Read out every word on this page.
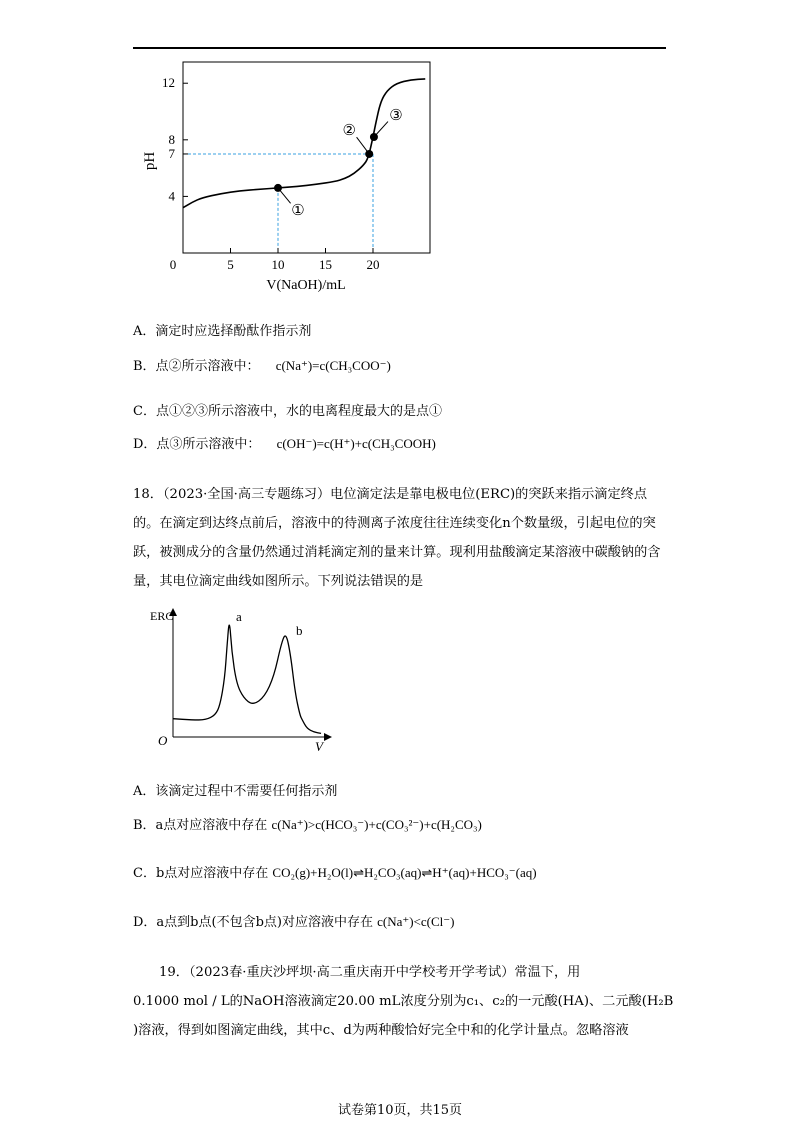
0	5	10	15	20
4
7
8
12
①
②
③
pH
V(NaOH)/mL
A．滴定时应选择酚酞作指示剂
B．点②所示溶液中： c(Na⁺)=c(CH₃COO⁻)
C．点①②③所示溶液中，水的电离程度最大的是点①
D．点③所示溶液中： c(OH⁻)=c(H⁺)+c(CH₃COOH)
18．（2023·全国·高三专题练习）电位滴定法是靠电极电位(ERC)的突跃来指示滴定终点的。在滴定到达终点前后，溶液中的待测离子浓度往往连续变化n个数量级，引起电位的突跃，被测成分的含量仍然通过消耗滴定剂的量来计算。现利用盐酸滴定某溶液中碳酸钠的含量，其电位滴定曲线如图所示。下列说法错误的是
ERC
V
O
a
b
A．该滴定过程中不需要任何指示剂
B．a点对应溶液中存在 c(Na⁺)>c(HCO₃⁻)+c(CO₃²⁻)+c(H₂CO₃)
C．b点对应溶液中存在 CO₂(g)+H₂O(l)⇌H₂CO₃(aq)⇌H⁺(aq)+HCO₃⁻(aq)
D．a点到b点(不包含b点)对应溶液中存在 c(Na⁺)<c(Cl⁻)
19．（2023春·重庆沙坪坝·高二重庆南开中学校考开学考试）常温下，用
0.1000 mol / L的NaOH溶液滴定20.00 mL浓度分别为c₁、c₂的一元酸(HA)、二元酸(H₂B
)溶液，得到如图滴定曲线，其中c、d为两种酸恰好完全中和的化学计量点。忽略溶液
试卷第10页，共15页
